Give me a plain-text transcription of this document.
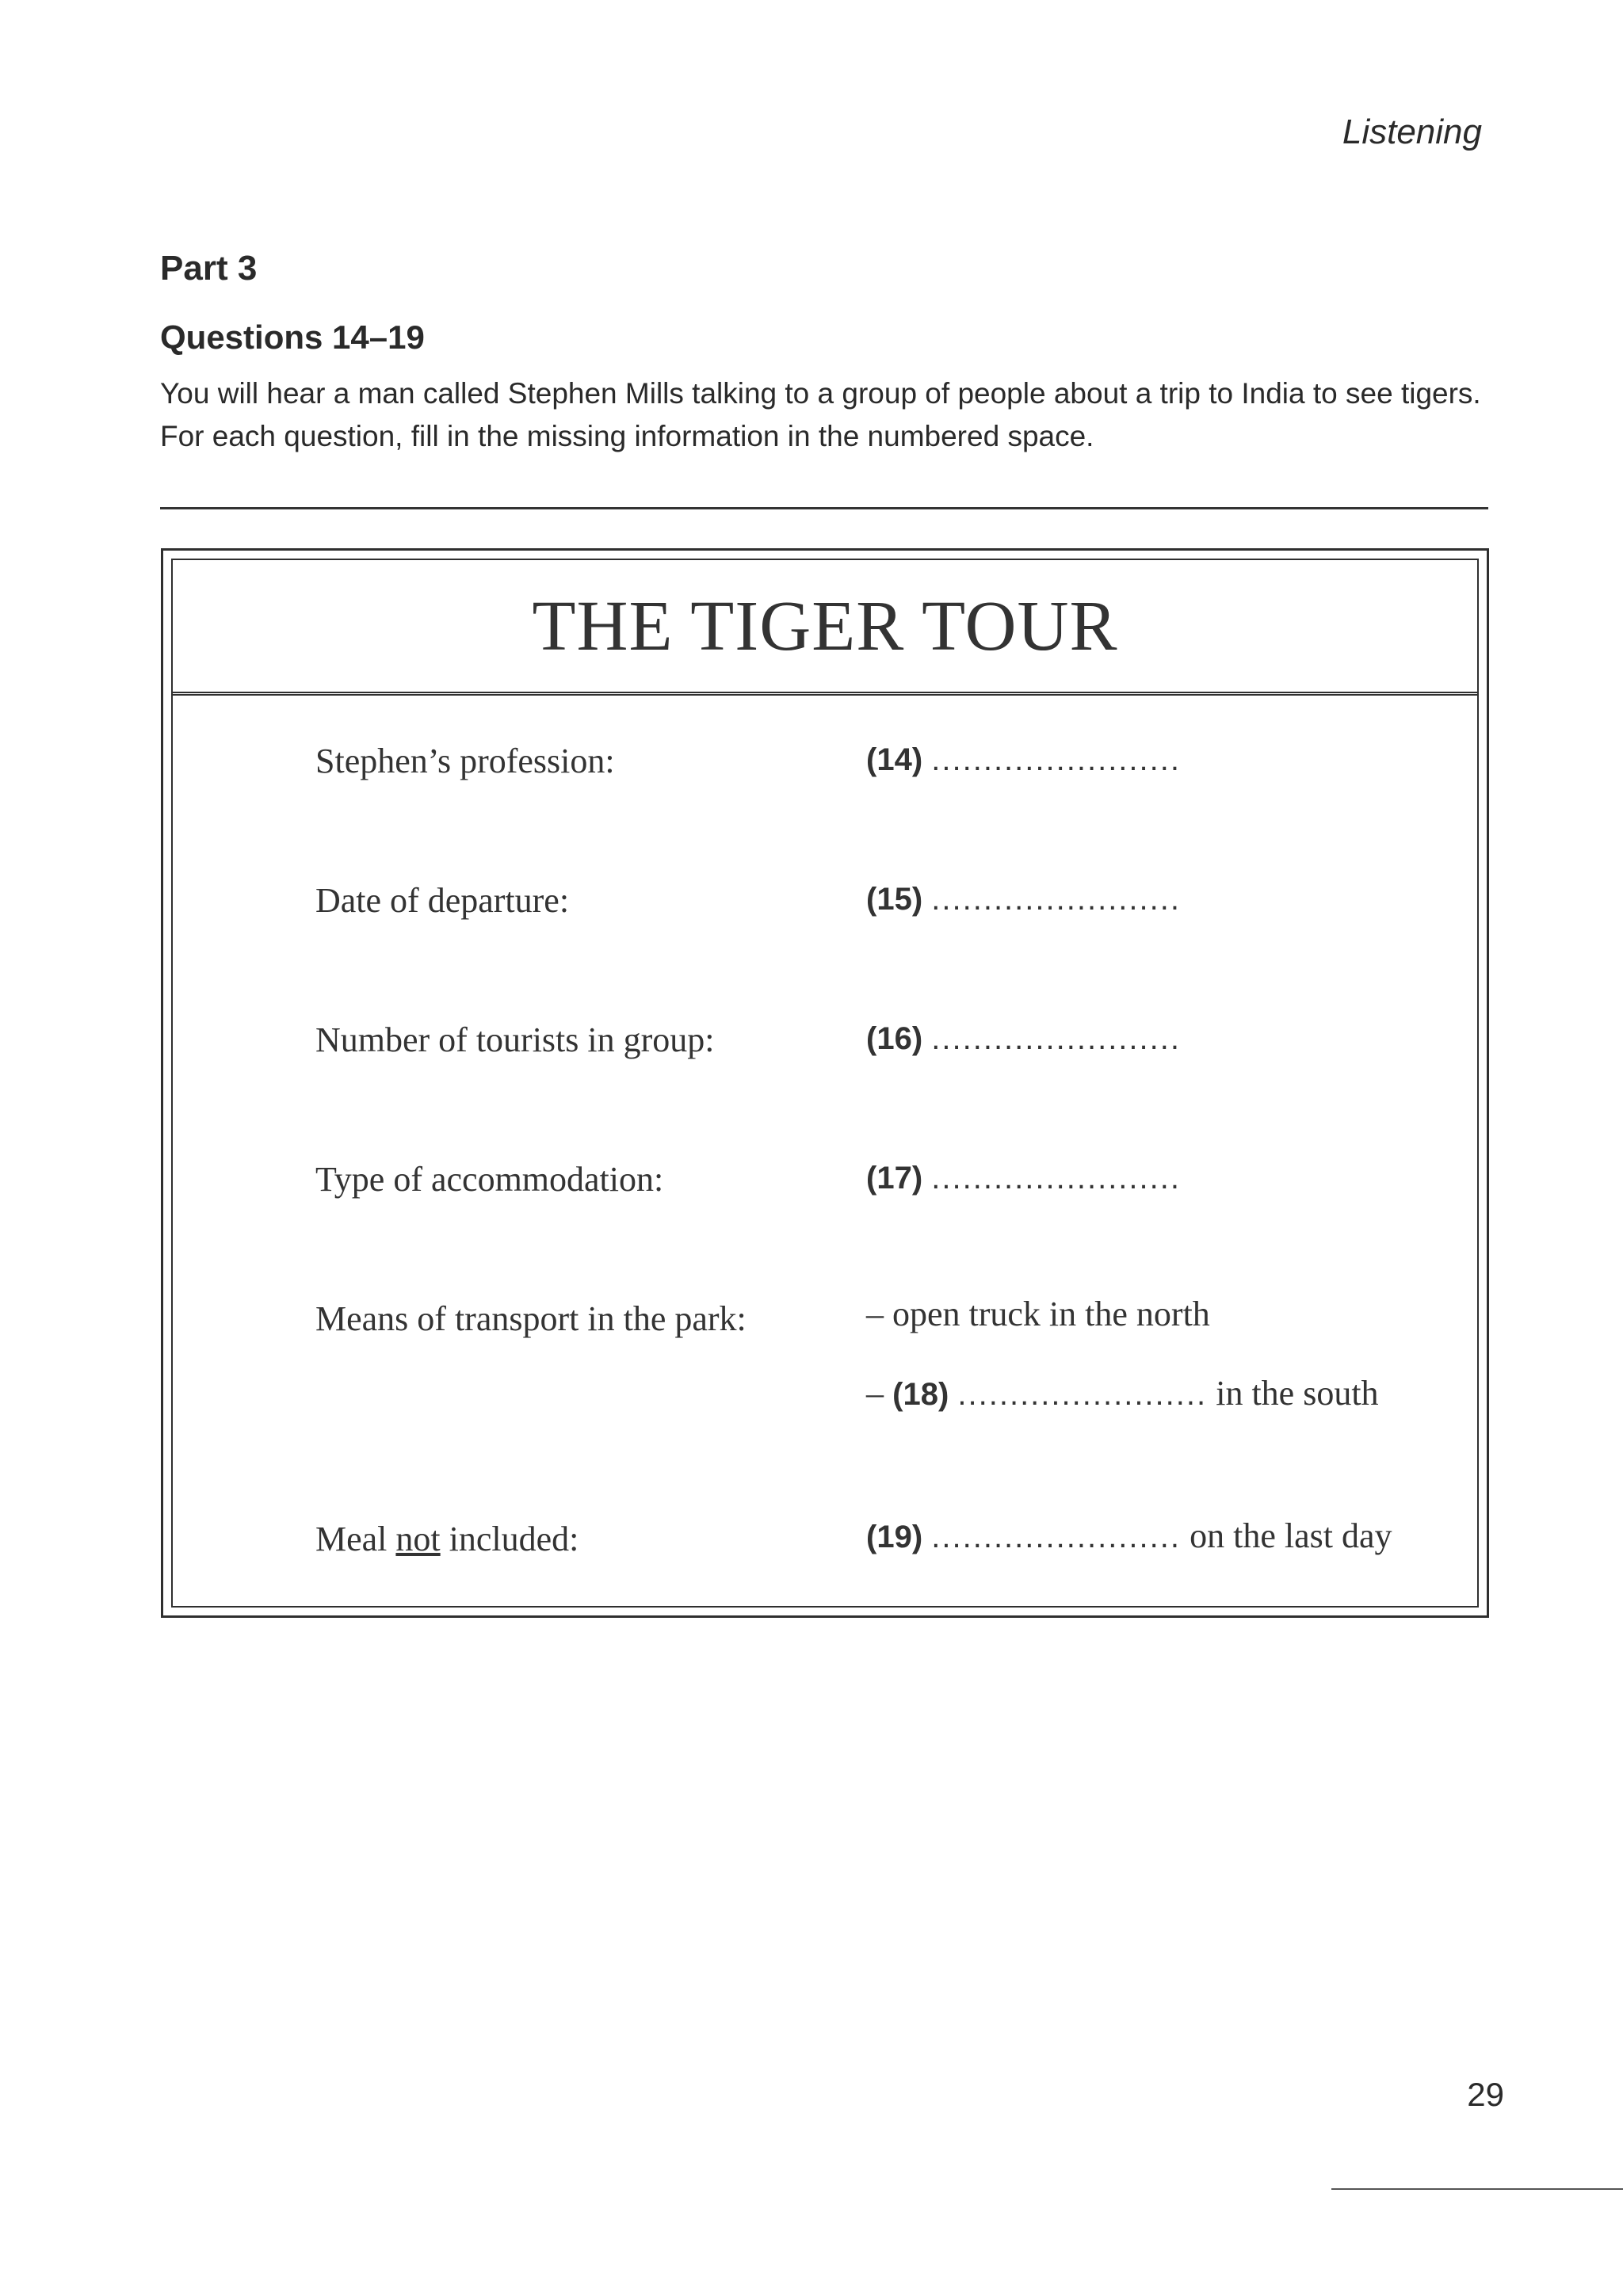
Listening
Part 3
Questions 14–19

You will hear a man called Stephen Mills talking to a group of people about a trip to India to see tigers.

For each question, fill in the missing information in the numbered space.

THE TIGER TOUR
Stephen’s profession:	(14) ........................
Date of departure:	(15) ........................
Number of tourists in group:	(16) ........................
Type of accommodation:	(17) ........................
Means of transport in the park:	– open truck in the north
– (18) ........................ in the south
Meal not included:	(19) ........................ on the last day
29
